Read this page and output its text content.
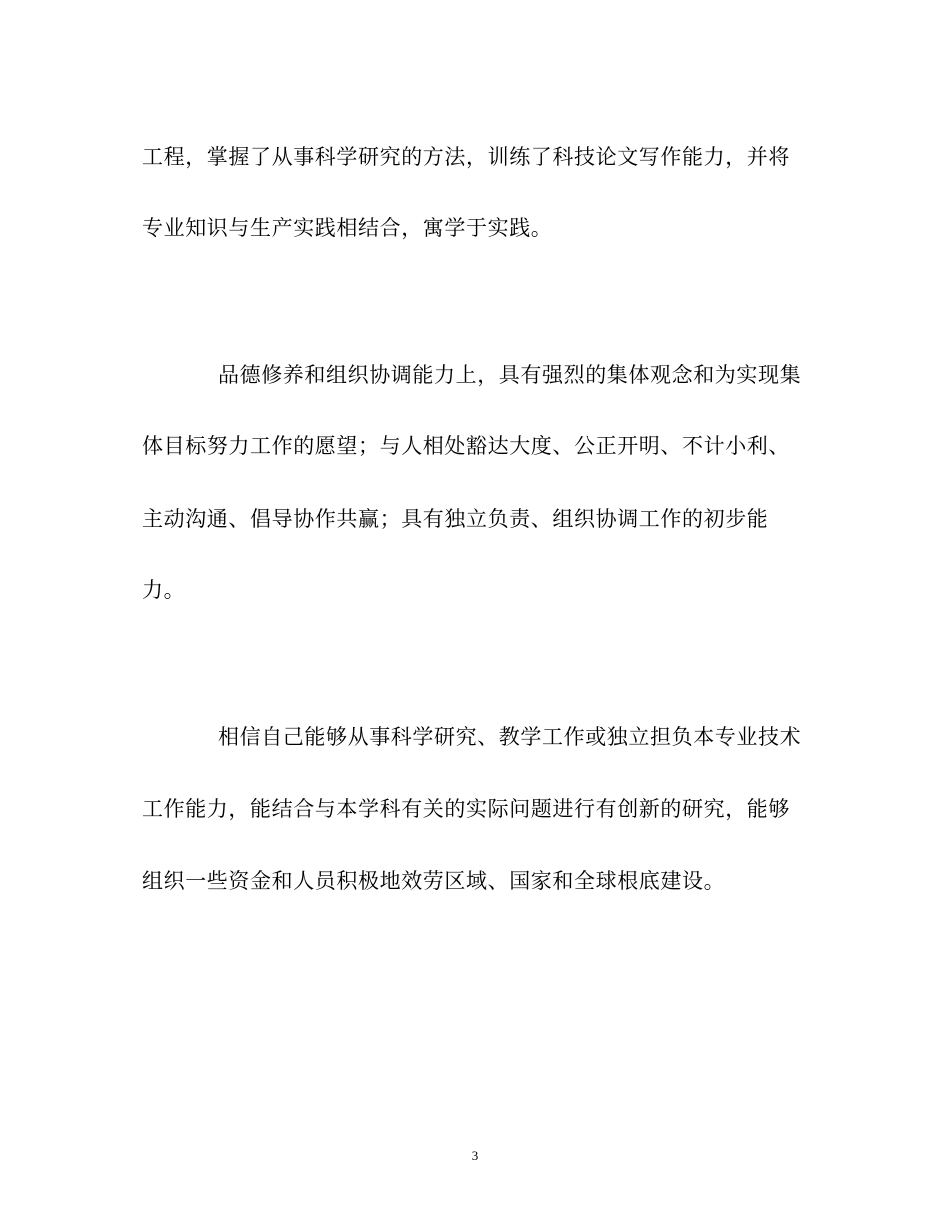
工程，掌握了从事科学研究的方法，训练了科技论文写作能力，并将
专业知识与生产实践相结合，寓学于实践。
品德修养和组织协调能力上，具有强烈的集体观念和为实现集
体目标努力工作的愿望；与人相处豁达大度、公正开明、不计小利、
主动沟通、倡导协作共赢；具有独立负责、组织协调工作的初步能
力。
相信自己能够从事科学研究、教学工作或独立担负本专业技术
工作能力，能结合与本学科有关的实际问题进行有创新的研究，能够
组织一些资金和人员积极地效劳区域、国家和全球根底建设。
3
